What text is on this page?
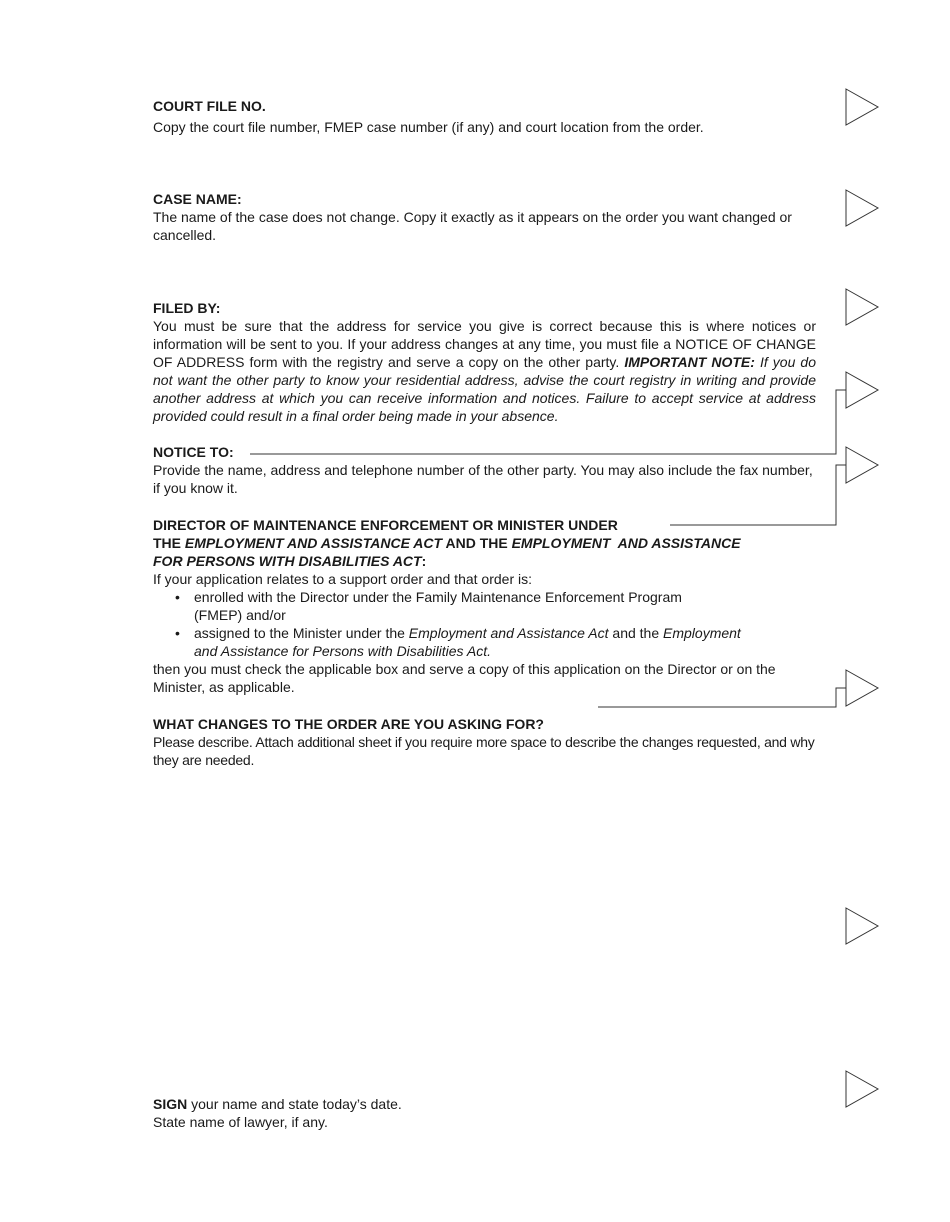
COURT FILE NO.

Copy the court file number, FMEP case number (if any) and court location from the order.

CASE NAME:

The name of the case does not change. Copy it exactly as it appears on the order you want changed or cancelled.

FILED BY:

You must be sure that the address for service you give is correct because this is where notices or information will be sent to you. If your address changes at any time, you must file a NOTICE OF CHANGE OF ADDRESS form with the registry and serve a copy on the other party. IMPORTANT NOTE: If you do not want the other party to know your residential address, advise the court registry in writing and provide another address at which you can receive information and notices. Failure to accept service at address provided could result in a final order being made in your absence.

NOTICE TO:

Provide the name, address and telephone number of the other party. You may also include the fax number, if you know it.

DIRECTOR OF MAINTENANCE ENFORCEMENT OR MINISTER UNDER

THE EMPLOYMENT AND ASSISTANCE ACT AND THE EMPLOYMENT  AND ASSISTANCE

FOR PERSONS WITH DISABILITIES ACT:

If your application relates to a support order and that order is:

• enrolled with the Director under the Family Maintenance Enforcement Program
(FMEP) and/or
• assigned to the Minister under the Employment and Assistance Act and the Employment
and Assistance for Persons with Disabilities Act.

then you must check the applicable box and serve a copy of this application on the Director or on the Minister, as applicable.

WHAT CHANGES TO THE ORDER ARE YOU ASKING FOR?

Please describe. Attach additional sheet if you require more space to describe the changes requested, and why they are needed.

SIGN your name and state today’s date.

State name of lawyer, if any.
